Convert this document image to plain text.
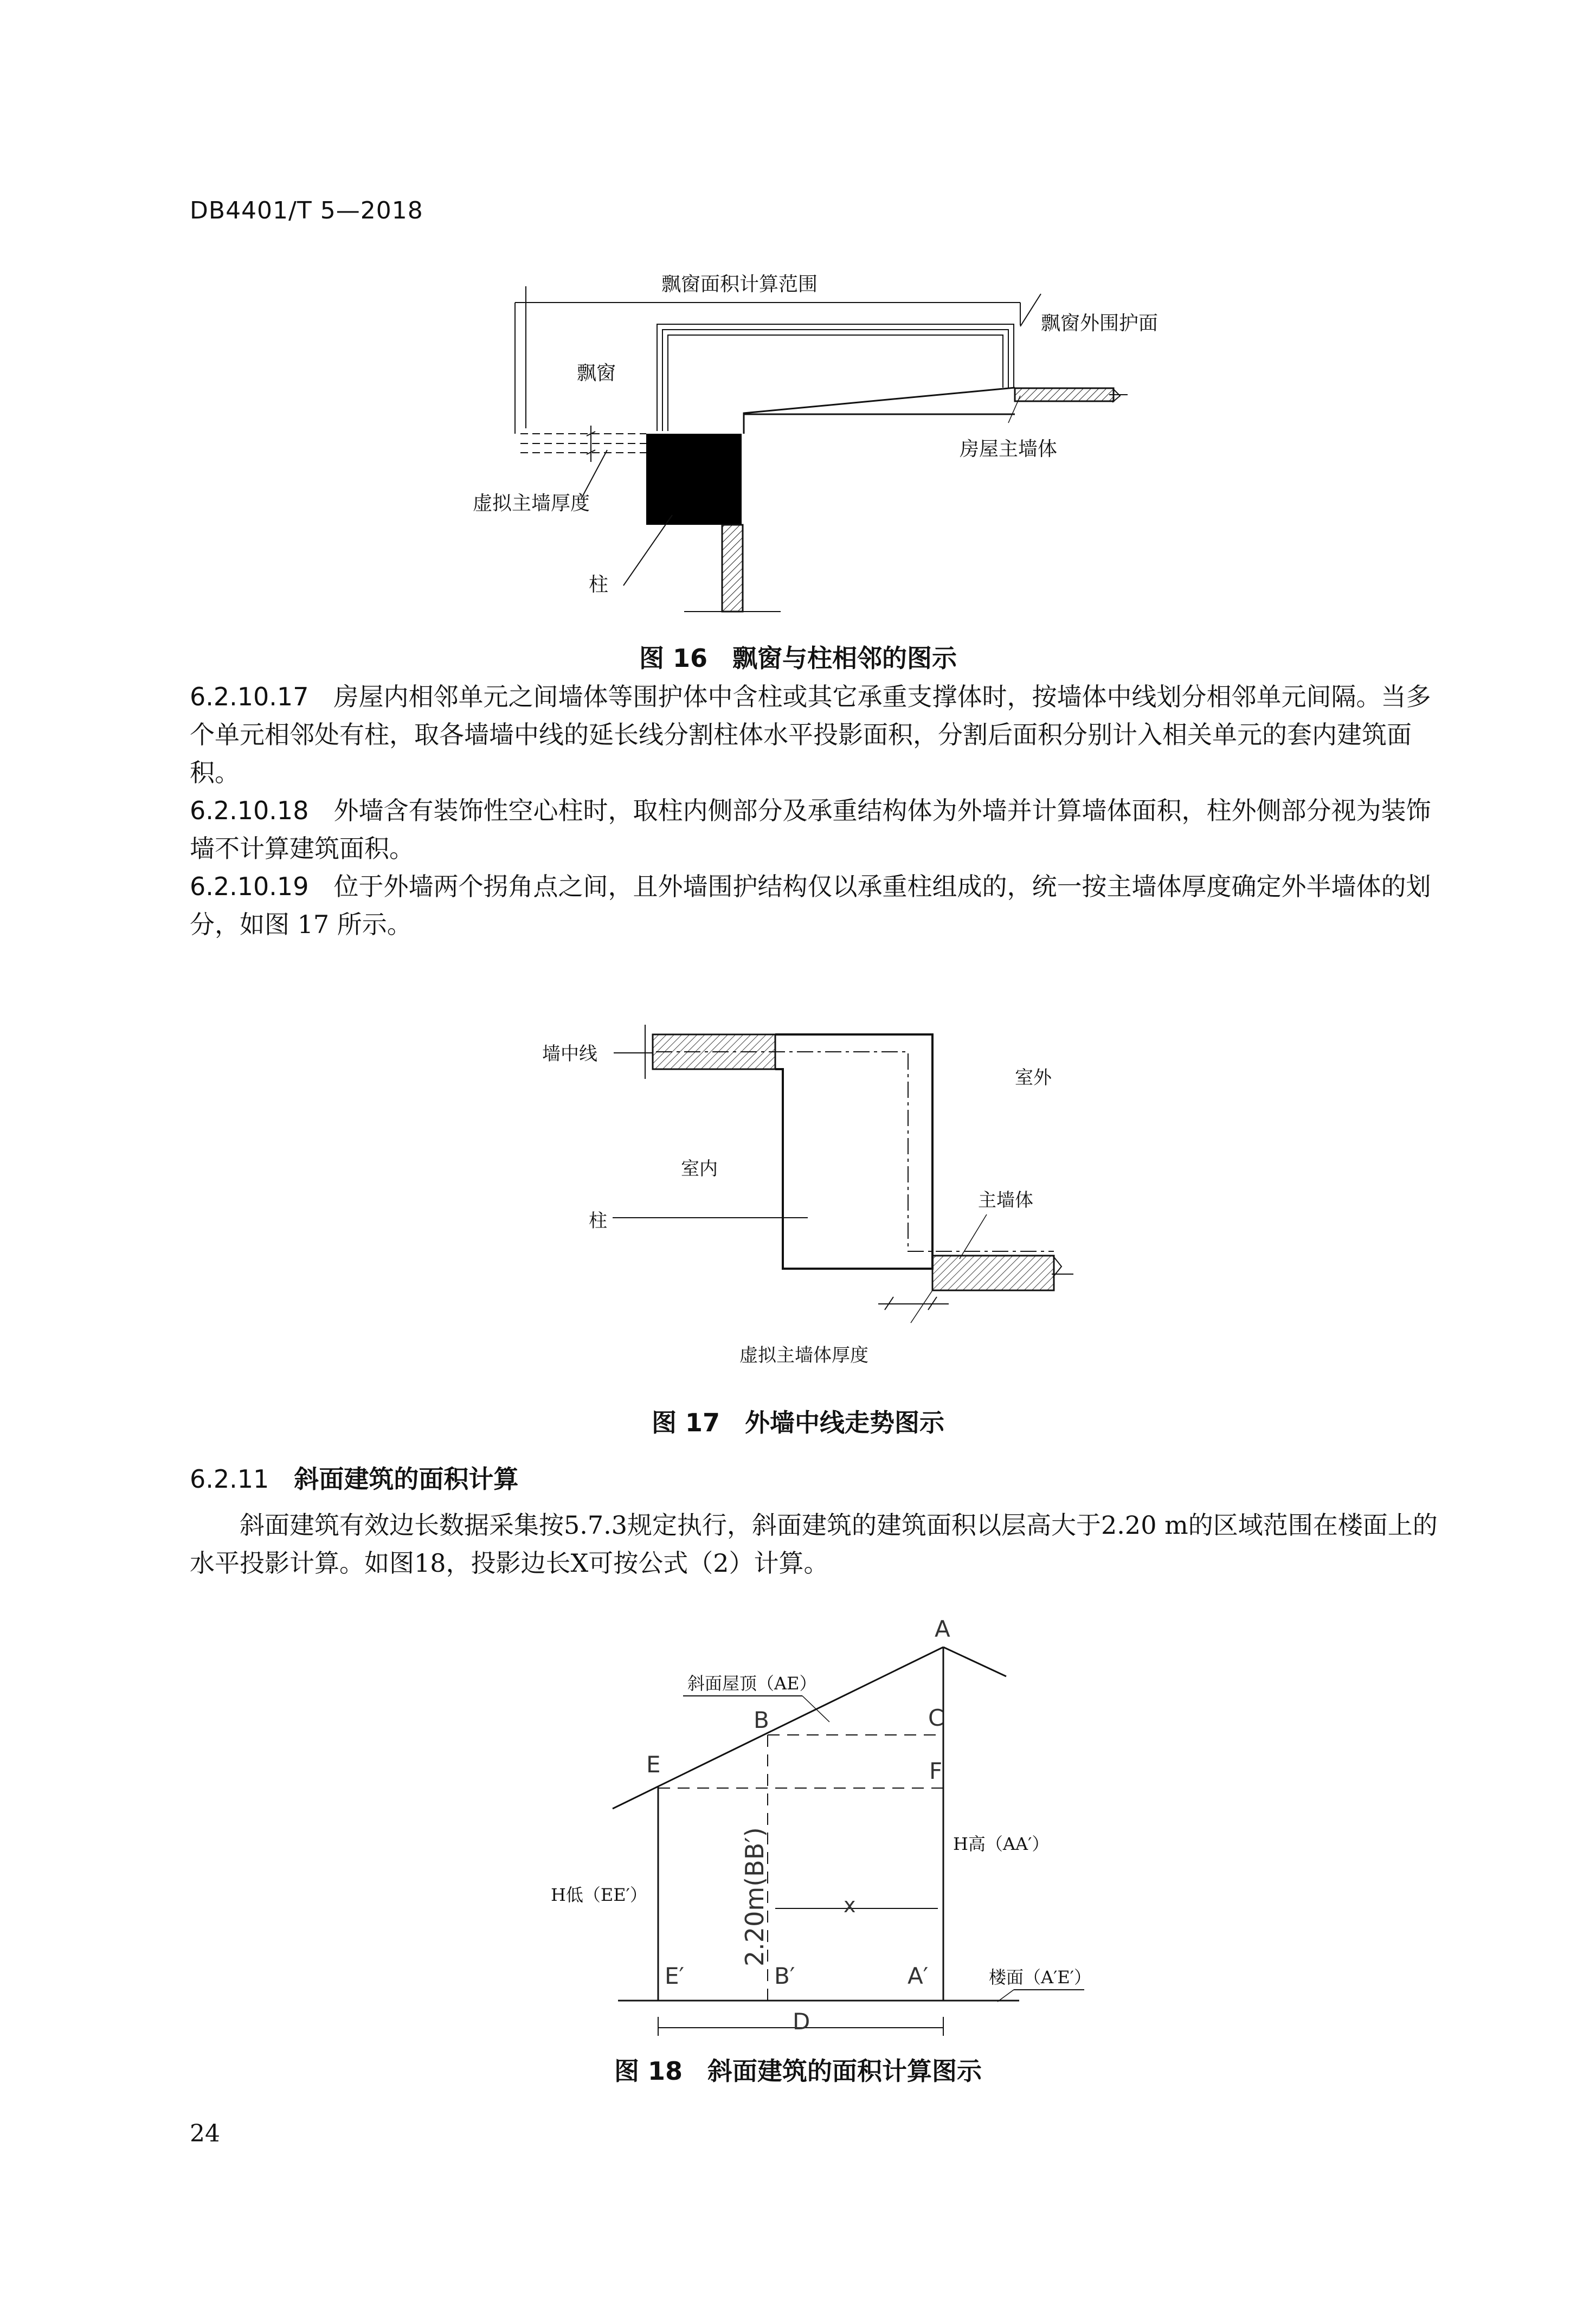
DB4401/T 5—2018
飘窗面积计算范围
飘窗
飘窗外围护面
房屋主墙体
虚拟主墙厚度
柱
图 16　飘窗与柱相邻的图示

6.2.10.17　 房屋内相邻单元之间墙体等围护体中含柱或其它承重支撑体时，按墙体中线划分相邻单元间隔。当多个单元相邻处有柱，取各墙墙中线的延长线分割柱体水平投影面积，分割后面积分别计入相关单元的套内建筑面积。

6.2.10.18　 外墙含有装饰性空心柱时，取柱内侧部分及承重结构体为外墙并计算墙体面积，柱外侧部分视为装饰墙不计算建筑面积。

6.2.10.19　 位于外墙两个拐角点之间，且外墙围护结构仅以承重柱组成的，统一按主墙体厚度确定外半墙体的划分，如图 17 所示。

墙中线
室外
室内
柱
主墙体
虚拟主墙体厚度
图 17　外墙中线走势图示
6.2.11 斜面建筑的面积计算
斜面建筑有效边长数据采集按5.7.3规定执行，斜面建筑的建筑面积以层高大于2.20 m的区域范围在楼面上的水平投影计算。如图18，投影边长X可按公式（2）计算。
斜面屋顶（AE）
A
B	C
E	F
H高（AA′）
H低（EE′）	2.20m(BB′)	x
楼面（A′E′）
E′	B′	A′
D
图 18　斜面建筑的面积计算图示
24
